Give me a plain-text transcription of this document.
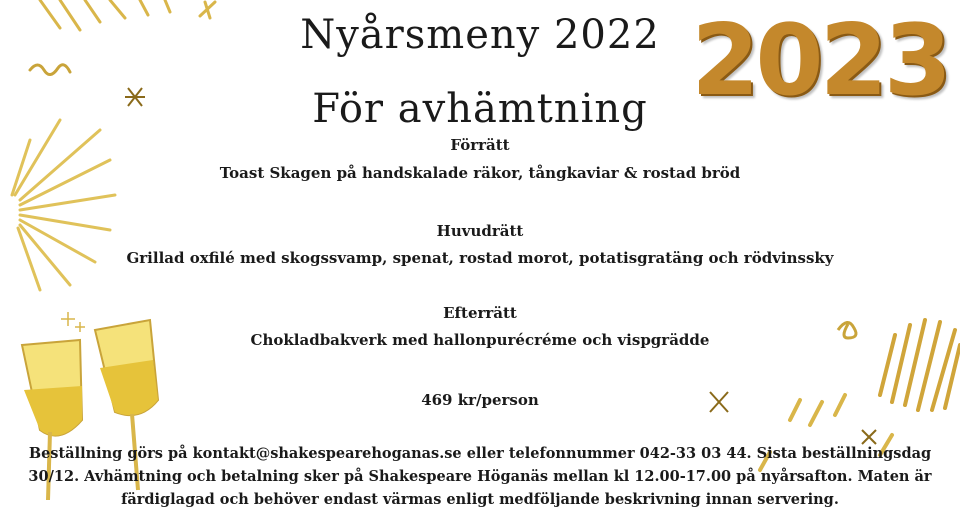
2023
Nyårsmeny 2022
För avhämtning
Förrätt
Toast Skagen på handskalade räkor, tångkaviar & rostad bröd
Huvudrätt
Grillad oxfilé med skogssvamp, spenat, rostad morot, potatisgratäng och rödvinssky
Efterrätt
Chokladbakverk med hallonpurécréme och vispgrädde
469 kr/person
Beställning görs på kontakt@shakespearehoganas.se eller telefonnummer 042-33 03 44. Sista beställningsdag
30/12. Avhämtning och betalning sker på Shakespeare Höganäs mellan kl 12.00-17.00 på nyårsafton. Maten är
färdiglagad och behöver endast värmas enligt medföljande beskrivning innan servering.
